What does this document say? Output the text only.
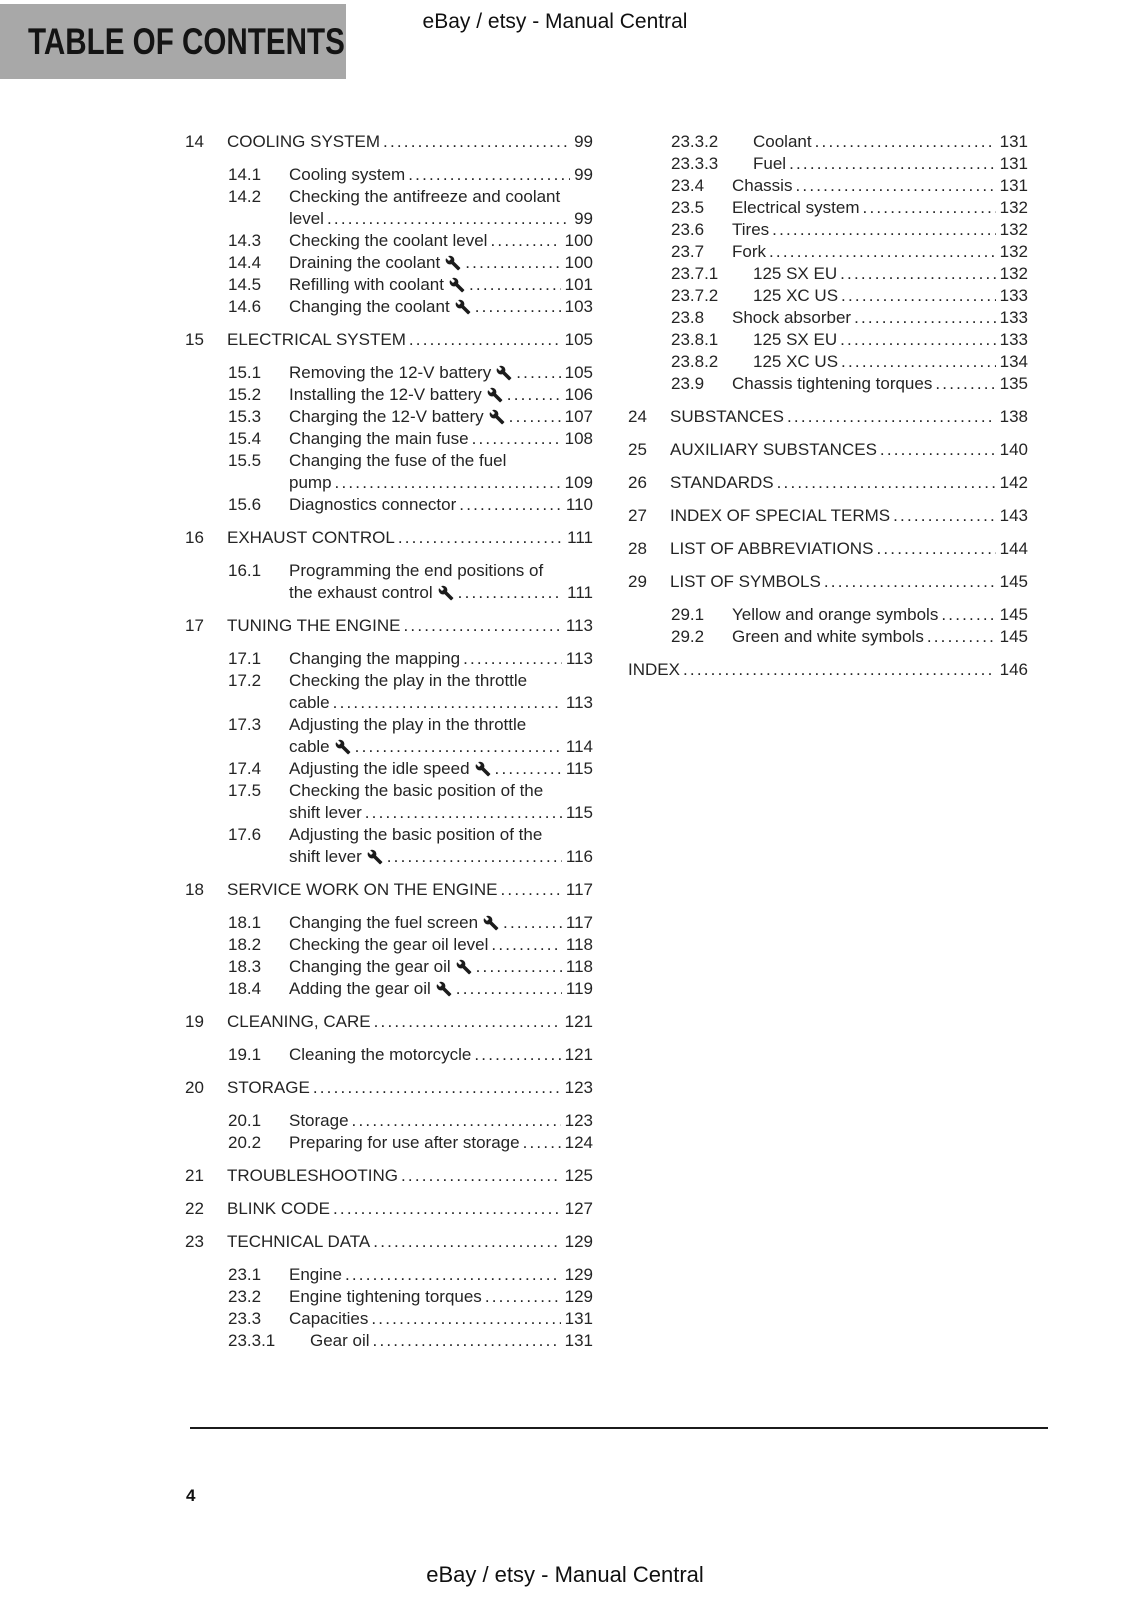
TABLE OF CONTENTS	eBay / etsy - Manual Central
14	COOLING SYSTEM .....	99
14.1	Cooling system .....	99
14.2	Checking the antifreeze and coolant
level .....	99
14.3	Checking the coolant level .....	100
14.4	Draining the coolant .....	100
14.5	Refilling with coolant .....	101
14.6	Changing the coolant .....	103
15	ELECTRICAL SYSTEM .....	105
15.1	Removing the 12-V battery .....	105
15.2	Installing the 12-V battery .....	106
15.3	Charging the 12-V battery .....	107
15.4	Changing the main fuse .....	108
15.5	Changing the fuse of the fuel
pump .....	109
15.6	Diagnostics connector .....	110
16	EXHAUST CONTROL .....	111
16.1	Programming the end positions of
the exhaust control .....	111
17	TUNING THE ENGINE .....	113
17.1	Changing the mapping .....	113
17.2	Checking the play in the throttle
cable .....	113
17.3	Adjusting the play in the throttle
cable .....	114
17.4	Adjusting the idle speed .....	115
17.5	Checking the basic position of the
shift lever .....	115
17.6	Adjusting the basic position of the
shift lever .....	116
18	SERVICE WORK ON THE ENGINE .....	117
18.1	Changing the fuel screen .....	117
18.2	Checking the gear oil level .....	118
18.3	Changing the gear oil .....	118
18.4	Adding the gear oil .....	119
19	CLEANING, CARE .....	121
19.1	Cleaning the motorcycle .....	121
20	STORAGE .....	123
20.1	Storage .....	123
20.2	Preparing for use after storage .....	124
21	TROUBLESHOOTING .....	125
22	BLINK CODE .....	127
23	TECHNICAL DATA .....	129
23.1	Engine .....	129
23.2	Engine tightening torques .....	129
23.3	Capacities .....	131
23.3.1	Gear oil .....	131
23.3.2	Coolant .....	131
23.3.3	Fuel .....	131
23.4	Chassis .....	131
23.5	Electrical system .....	132
23.6	Tires .....	132
23.7	Fork .....	132
23.7.1	125 SX EU .....	132
23.7.2	125 XC US .....	133
23.8	Shock absorber .....	133
23.8.1	125 SX EU .....	133
23.8.2	125 XC US .....	134
23.9	Chassis tightening torques .....	135
24	SUBSTANCES .....	138
25	AUXILIARY SUBSTANCES .....	140
26	STANDARDS .....	142
27	INDEX OF SPECIAL TERMS .....	143
28	LIST OF ABBREVIATIONS .....	144
29	LIST OF SYMBOLS .....	145
29.1	Yellow and orange symbols .....	145
29.2	Green and white symbols .....	145
INDEX .....	146
4
eBay / etsy - Manual Central
